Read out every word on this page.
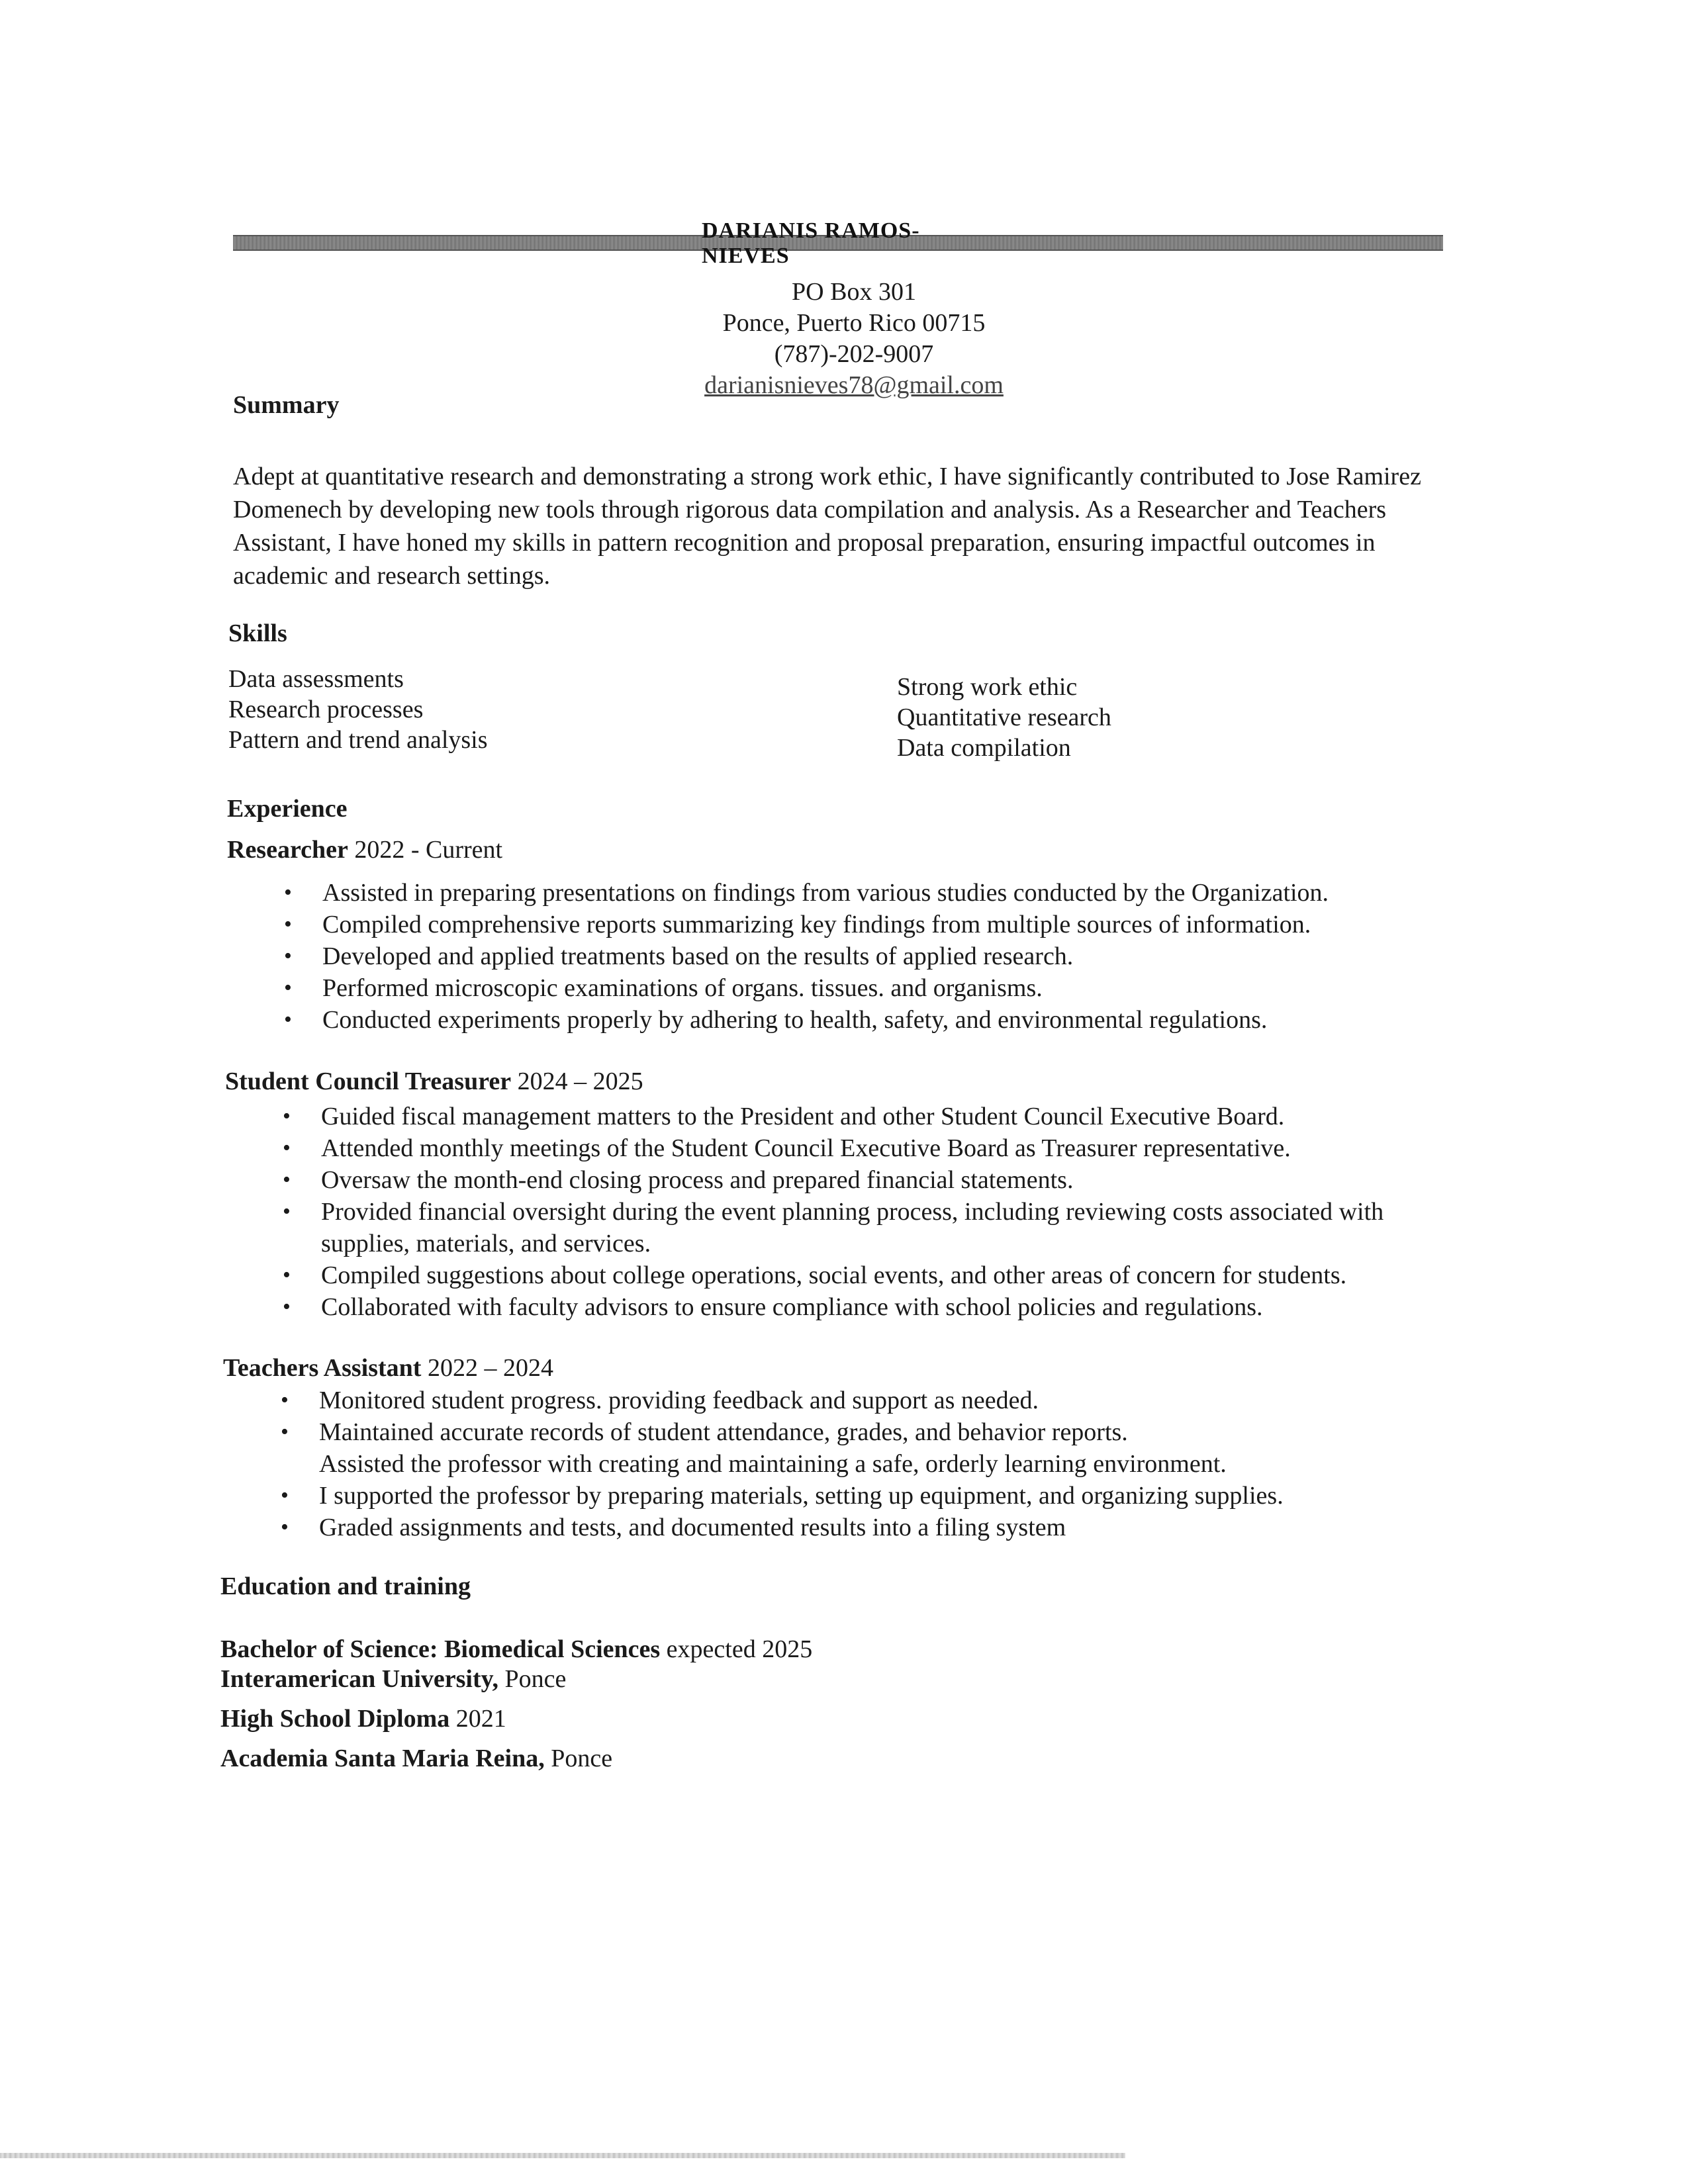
DARIANIS RAMOS-NIEVES
PO Box 301
Ponce, Puerto Rico 00715
(787)-202-9007
darianisnieves78@gmail.com
Summary
Adept at quantitative research and demonstrating a strong work ethic, I have significantly contributed to Jose Ramirez Domenech by developing new tools through rigorous data compilation and analysis. As a Researcher and Teachers Assistant, I have honed my skills in pattern recognition and proposal preparation, ensuring impactful outcomes in academic and research settings.
Skills
Data assessments
Research processes
Pattern and trend analysis
Strong work ethic
Quantitative research
Data compilation
Experience
Researcher 2022 - Current
•	Assisted in preparing presentations on findings from various studies conducted by the Organization.
•	Compiled comprehensive reports summarizing key findings from multiple sources of information.
•	Developed and applied treatments based on the results of applied research.
•	Performed microscopic examinations of organs. tissues. and organisms.
•	Conducted experiments properly by adhering to health, safety, and environmental regulations.
Student Council Treasurer 2024 – 2025
•	Guided fiscal management matters to the President and other Student Council Executive Board.
•	Attended monthly meetings of the Student Council Executive Board as Treasurer representative.
•	Oversaw the month-end closing process and prepared financial statements.
•	Provided financial oversight during the event planning process, including reviewing costs associated with supplies, materials, and services.
•	Compiled suggestions about college operations, social events, and other areas of concern for students.
•	Collaborated with faculty advisors to ensure compliance with school policies and regulations.
Teachers Assistant 2022 – 2024
•	Monitored student progress. providing feedback and support as needed.
•	Maintained accurate records of student attendance, grades, and behavior reports.
Assisted the professor with creating and maintaining a safe, orderly learning environment.
•	I supported the professor by preparing materials, setting up equipment, and organizing supplies.
•	Graded assignments and tests, and documented results into a filing system
Education and training
Bachelor of Science: Biomedical Sciences expected 2025
Interamerican University, Ponce
High School Diploma 2021
Academia Santa Maria Reina, Ponce
